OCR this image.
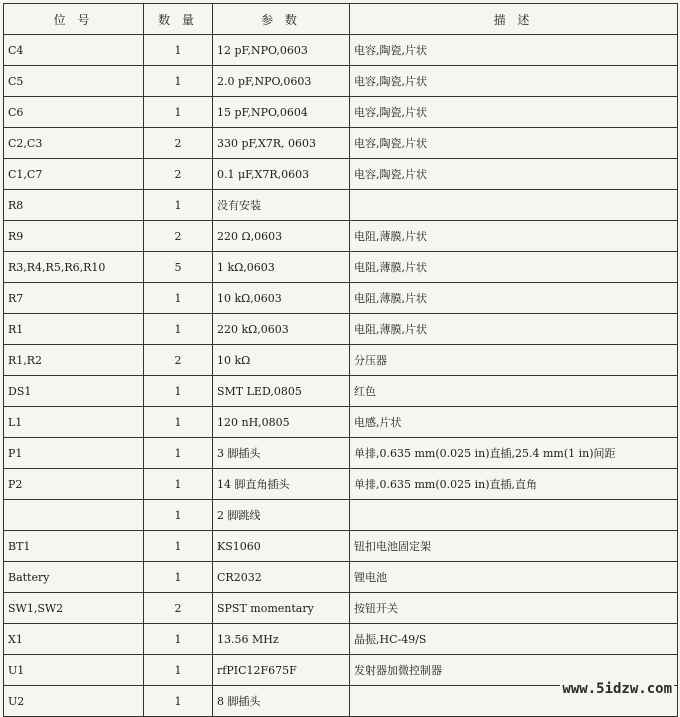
位 号	数 量	参 数	描 述
C4	1	12 pF,NPO,0603	电容,陶瓷,片状
C5	1	2.0 pF,NPO,0603	电容,陶瓷,片状
C6	1	15 pF,NPO,0604	电容,陶瓷,片状
C2,C3	2	330 pF,X7R, 0603	电容,陶瓷,片状
C1,C7	2	0.1 μF,X7R,0603	电容,陶瓷,片状
R8	1	没有安装	
R9	2	220 Ω,0603	电阻,薄膜,片状
R3,R4,R5,R6,R10	5	1 kΩ,0603	电阻,薄膜,片状
R7	1	10 kΩ,0603	电阻,薄膜,片状
R1	1	220 kΩ,0603	电阻,薄膜,片状
R1,R2	2	10 kΩ	分压器
DS1	1	SMT LED,0805	红色
L1	1	120 nH,0805	电感,片状
P1	1	3 脚插头	单排,0.635 mm(0.025 in)直插,25.4 mm(1 in)间距
P2	1	14 脚直角插头	单排,0.635 mm(0.025 in)直插,直角
	1	2 脚跳线	
BT1	1	KS1060	钮扣电池固定架
Battery	1	CR2032	锂电池
SW1,SW2	2	SPST momentary	按钮开关
X1	1	13.56 MHz	晶振,HC-49/S
U1	1	rfPIC12F675F	发射器加微控制器
U2	1	8 脚插头	
www.5idzw.com
